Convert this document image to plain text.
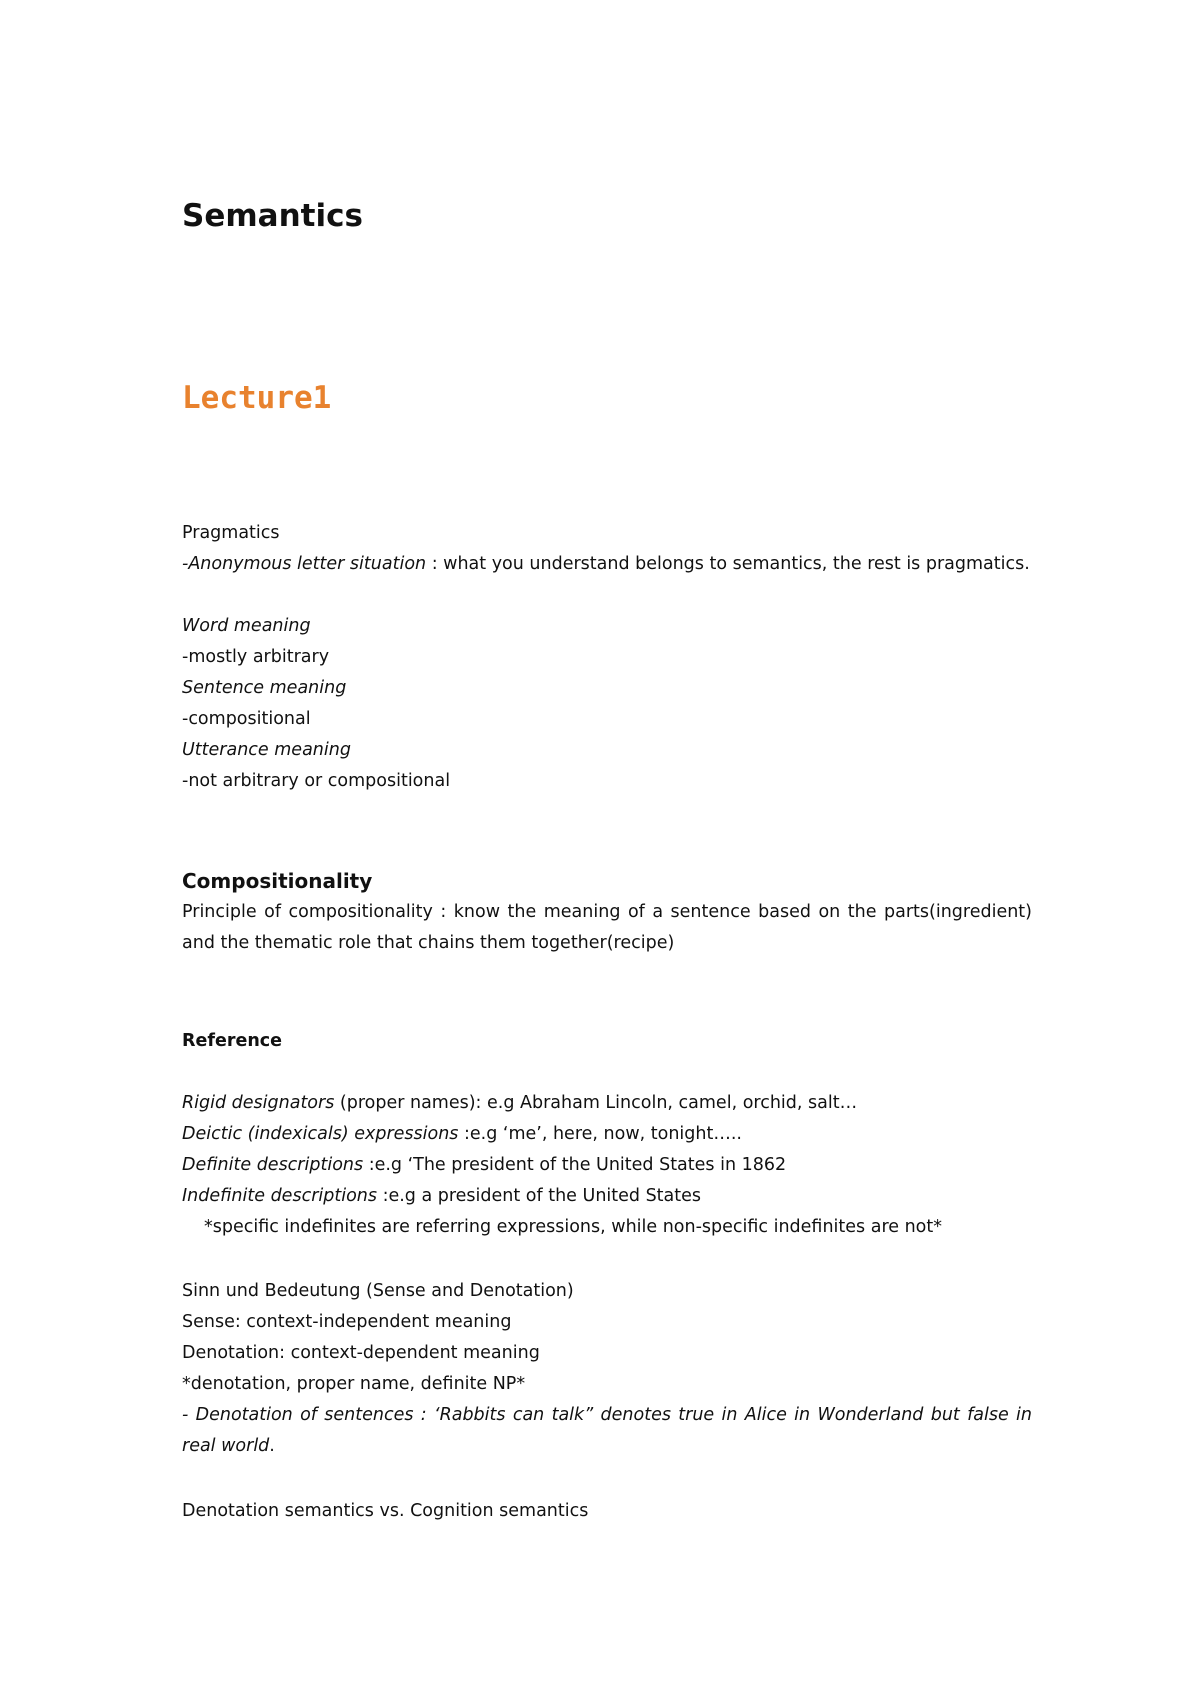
Semantics
Lecture1

Pragmatics

-Anonymous letter situation : what you understand belongs to semantics, the rest is pragmatics.

Word meaning

-mostly arbitrary

Sentence meaning

-compositional

Utterance meaning

-not arbitrary or compositional

Compositionality

Principle of compositionality : know the meaning of a sentence based on the parts(ingredient) and the thematic role that chains them together(recipe)

Reference

Rigid designators (proper names): e.g Abraham Lincoln, camel, orchid, salt…

Deictic (indexicals) expressions :e.g ‘me’, here, now, tonight…..

Definite descriptions :e.g ‘The president of the United States in 1862

Indefinite descriptions :e.g a president of the United States

*specific indefinites are referring expressions, while non-specific indefinites are not*

Sinn und Bedeutung (Sense and Denotation)

Sense: context-independent meaning

Denotation: context-dependent meaning

*denotation, proper name, definite NP*

- Denotation of sentences : ‘Rabbits can talk” denotes true in Alice in Wonderland but false in real world.

Denotation semantics vs. Cognition semantics
